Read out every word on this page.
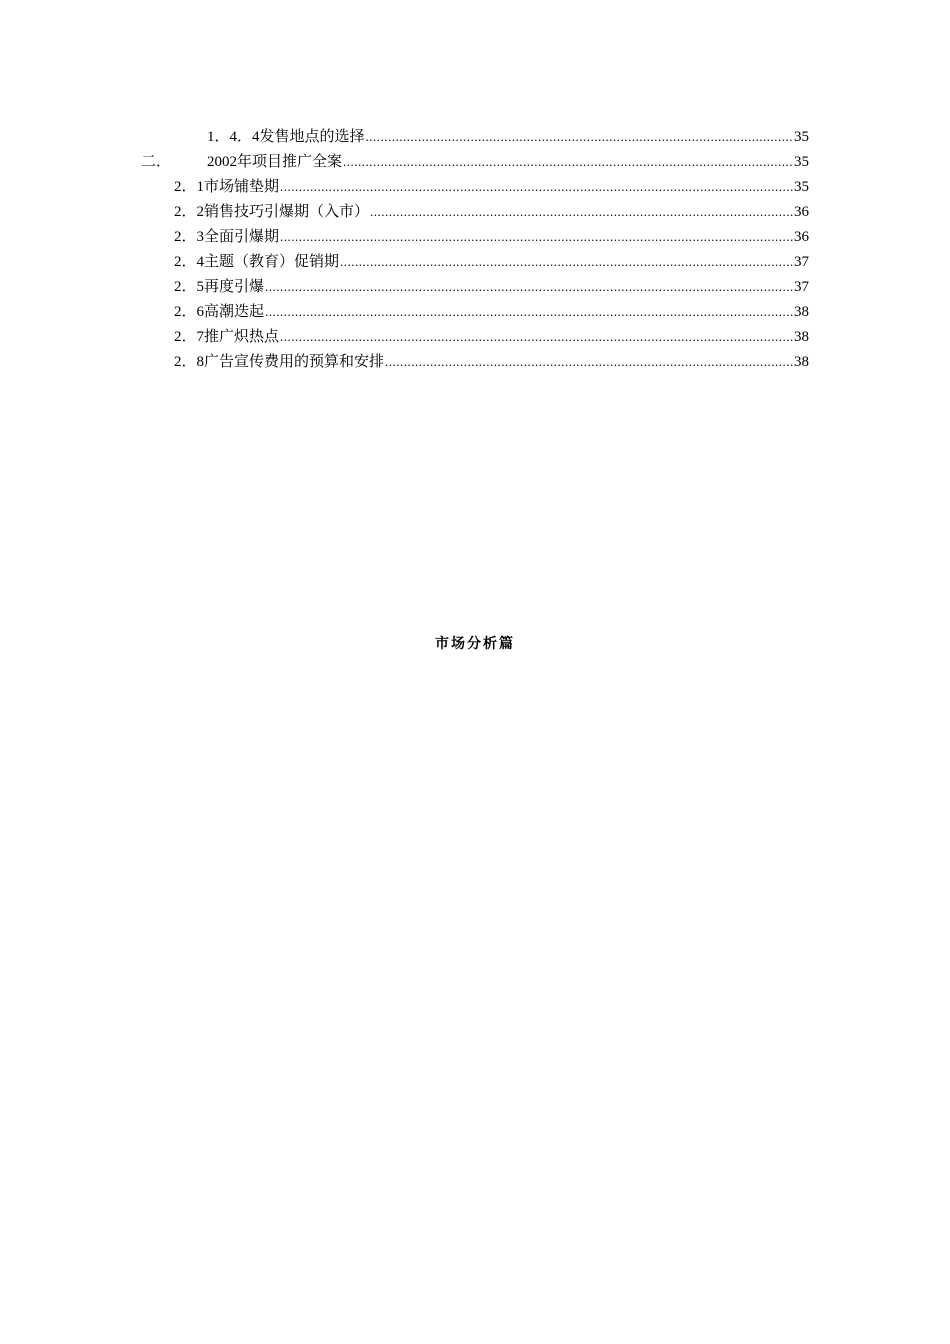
1．4．4 发售地点的选择 .....	35
二．	2002年项目推广全案 .....	35
2．1 市场铺垫期 .....	35
2．2 销售技巧引爆期（入市） .....	36
2．3 全面引爆期 .....	36
2．4 主题（教育）促销期 .....	37
2．5 再度引爆 .....	37
2．6 高潮迭起 .....	38
2．7 推广炽热点 .....	38
2．8 广告宣传费用的预算和安排 .....	38
市场分析篇
